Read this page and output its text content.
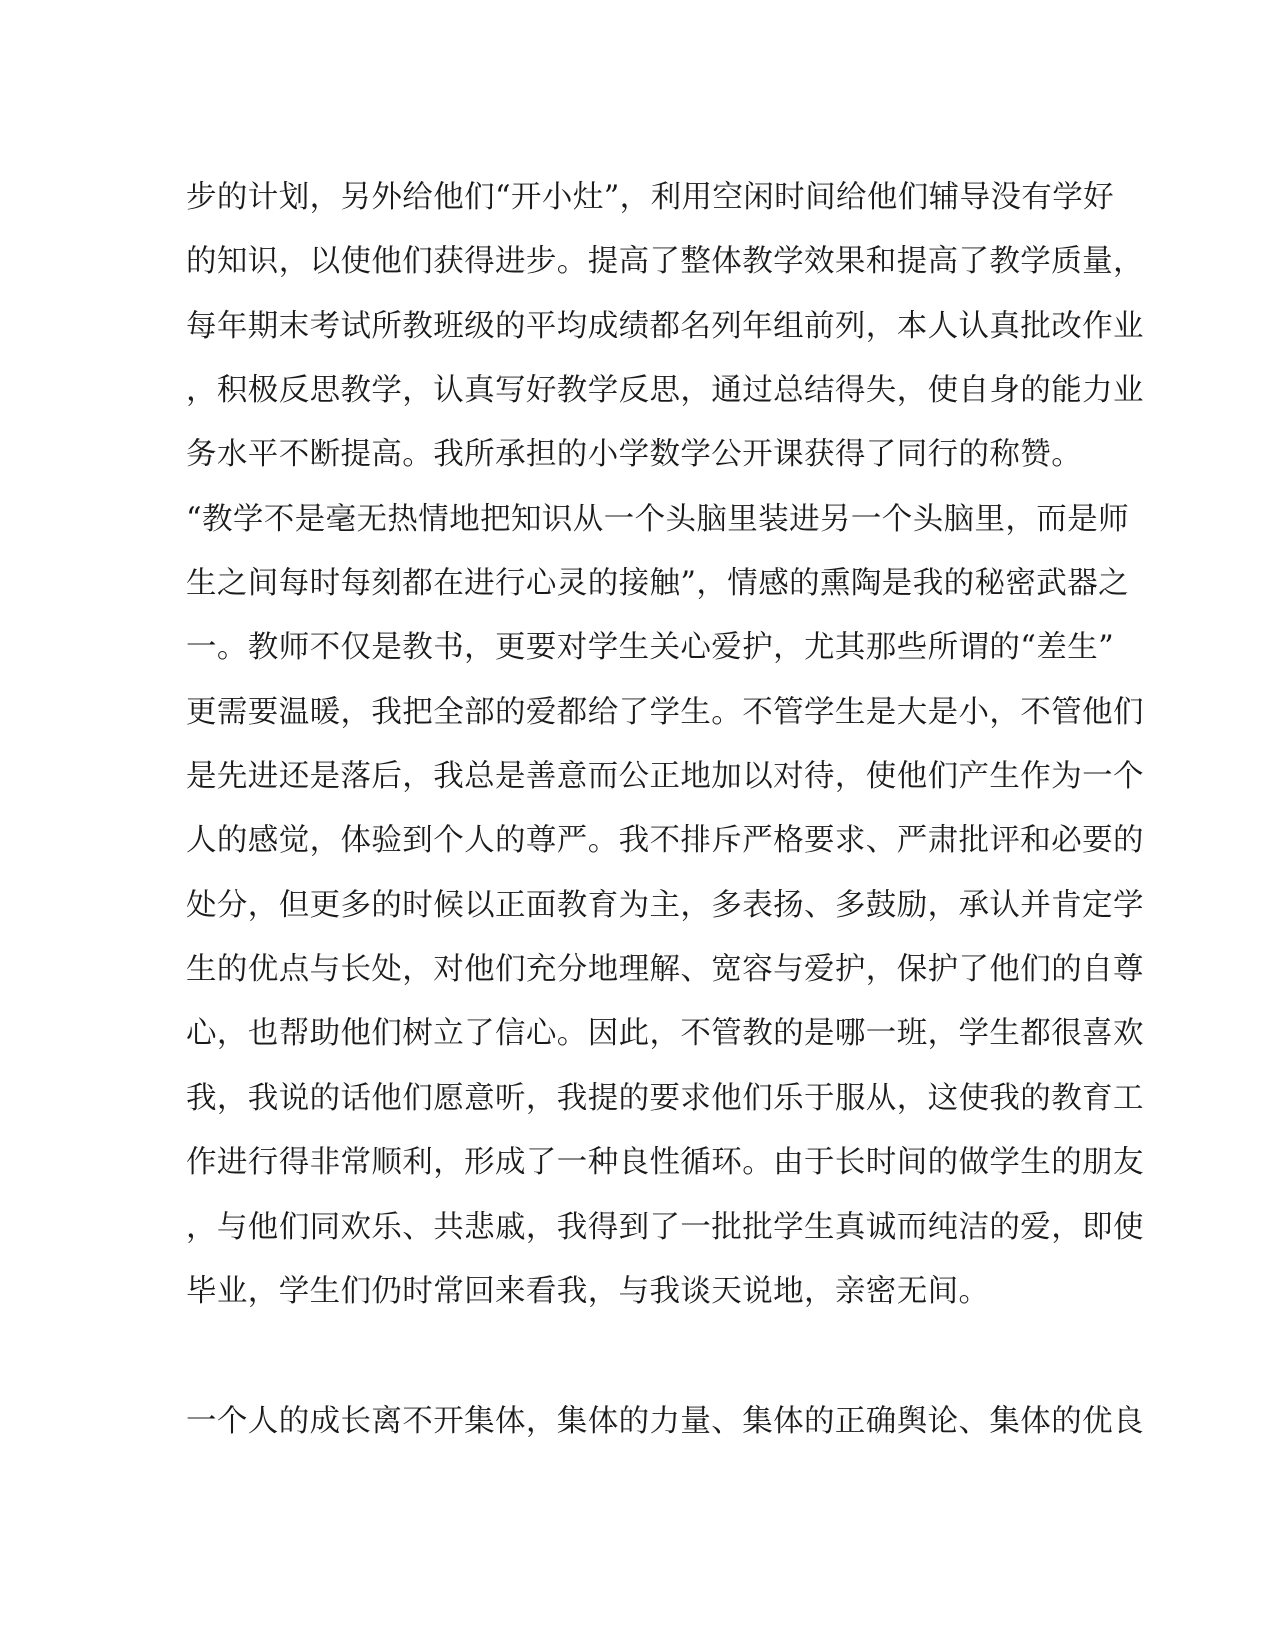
步的计划，另外给他们“开小灶”，利用空闲时间给他们辅导没有学好
的知识，以使他们获得进步。提高了整体教学效果和提高了教学质量，
每年期末考试所教班级的平均成绩都名列年组前列，本人认真批改作业
，积极反思教学，认真写好教学反思，通过总结得失，使自身的能力业
务水平不断提高。我所承担的小学数学公开课获得了同行的称赞。
“教学不是毫无热情地把知识从一个头脑里装进另一个头脑里，而是师
生之间每时每刻都在进行心灵的接触”，情感的熏陶是我的秘密武器之
一。教师不仅是教书，更要对学生关心爱护，尤其那些所谓的“差生”
更需要温暖，我把全部的爱都给了学生。不管学生是大是小，不管他们
是先进还是落后，我总是善意而公正地加以对待，使他们产生作为一个
人的感觉，体验到个人的尊严。我不排斥严格要求、严肃批评和必要的
处分，但更多的时候以正面教育为主，多表扬、多鼓励，承认并肯定学
生的优点与长处，对他们充分地理解、宽容与爱护，保护了他们的自尊
心，也帮助他们树立了信心。因此，不管教的是哪一班，学生都很喜欢
我，我说的话他们愿意听，我提的要求他们乐于服从，这使我的教育工
作进行得非常顺利，形成了一种良性循环。由于长时间的做学生的朋友
，与他们同欢乐、共悲戚，我得到了一批批学生真诚而纯洁的爱，即使
毕业，学生们仍时常回来看我，与我谈天说地，亲密无间。
一个人的成长离不开集体，集体的力量、集体的正确舆论、集体的优良
